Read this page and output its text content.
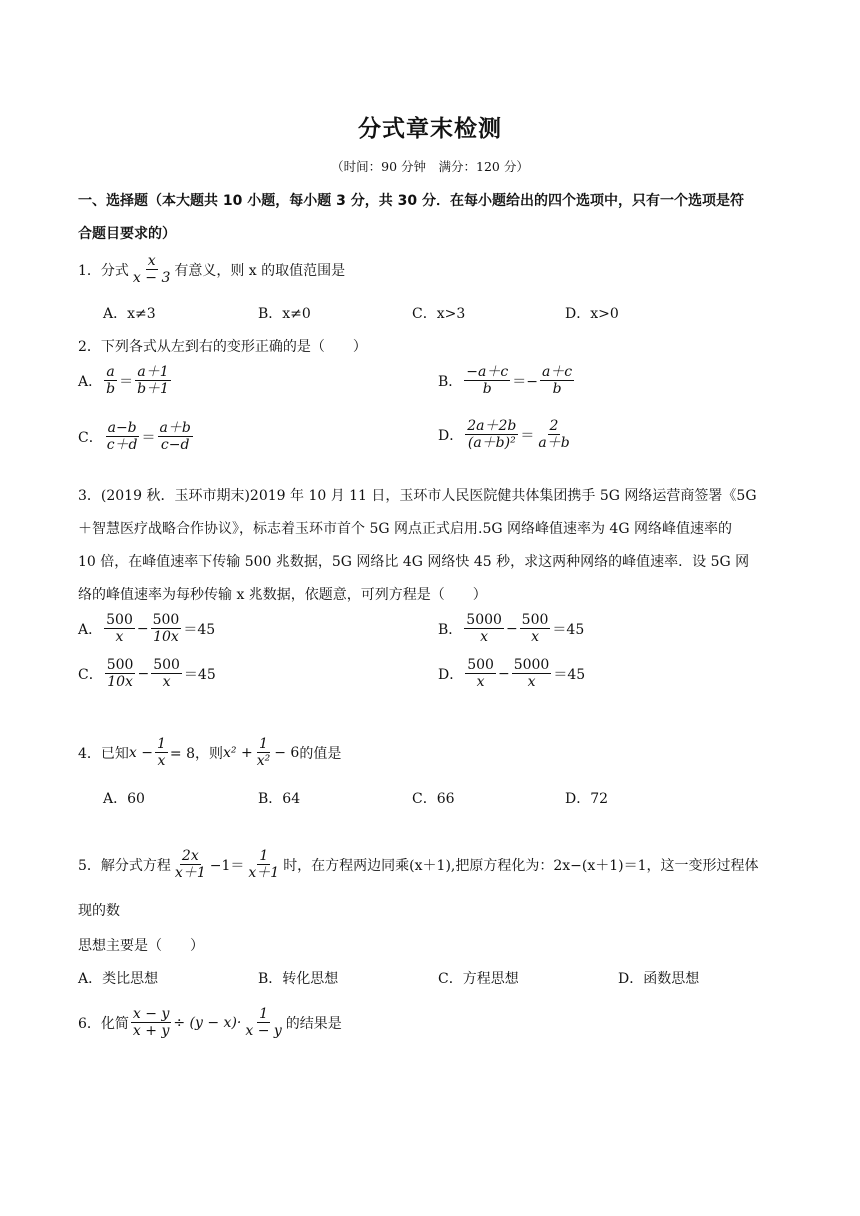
分式章末检测
（时间：90 分钟　满分：120 分）
一、选择题（本大题共 10 小题，每小题 3 分，共 30 分．在每小题给出的四个选项中，只有一个选项是符
合题目要求的）
1．分式 $\frac{x}{x - 3}$ 有意义，则 x 的取值范围是
A．x≠3	B．x≠0	C．x>3	D．x>0
2．下列各式从左到右的变形正确的是（　　）
A． $\frac{a}{b} = \frac{a+1}{b+1}$	B． $\frac{-a+c}{b} =- \frac{a+c}{b}$
C． $\frac{a-b}{c+d} = \frac{a+b}{c-d}$	D． $\frac{2a+2b}{\text{(a＋b)²}} = \frac{2}{a+b}$
3．(2019 秋．玉环市期末)2019 年 10 月 11 日，玉环市人民医院健共体集团携手 5G 网络运营商签署《5G
＋智慧医疗战略合作协议》，标志着玉环市首个 5G 网点正式启用.5G 网络峰值速率为 4G 网络峰值速率的
10 倍，在峰值速率下传输 500 兆数据，5G 网络比 4G 网络快 45 秒，求这两种网络的峰值速率．设 5G 网
络的峰值速率为每秒传输 x 兆数据，依题意，可列方程是（　　）
A． $\frac{500}{x} - \frac{500}{10x} =45$	B． $\frac{5000}{x} - \frac{500}{x} =45$
C． $\frac{500}{10x} - \frac{500}{x} =45$	D． $\frac{500}{x} - \frac{5000}{x} =45$
4．已知 $x - \frac{1}{x} = 8$，则 $x^2 + \frac{1}{\text{x²}} - 6$ 的值是
A．60	B．64	C．66	D．72
5．解分式方程 $\frac{2x}{x+1} -1= \frac{1}{x+1}$ 时，在方程两边同乘(x＋1),把原方程化为：2x−(x＋1)＝1，这一变形过程体
现的数
思想主要是（　　）
A．类比思想	B．转化思想	C．方程思想	D．函数思想
6．化简 $\frac{x - y}{x + y} \div (y - x)\cdot \frac{1}{x - y}$ 的结果是
